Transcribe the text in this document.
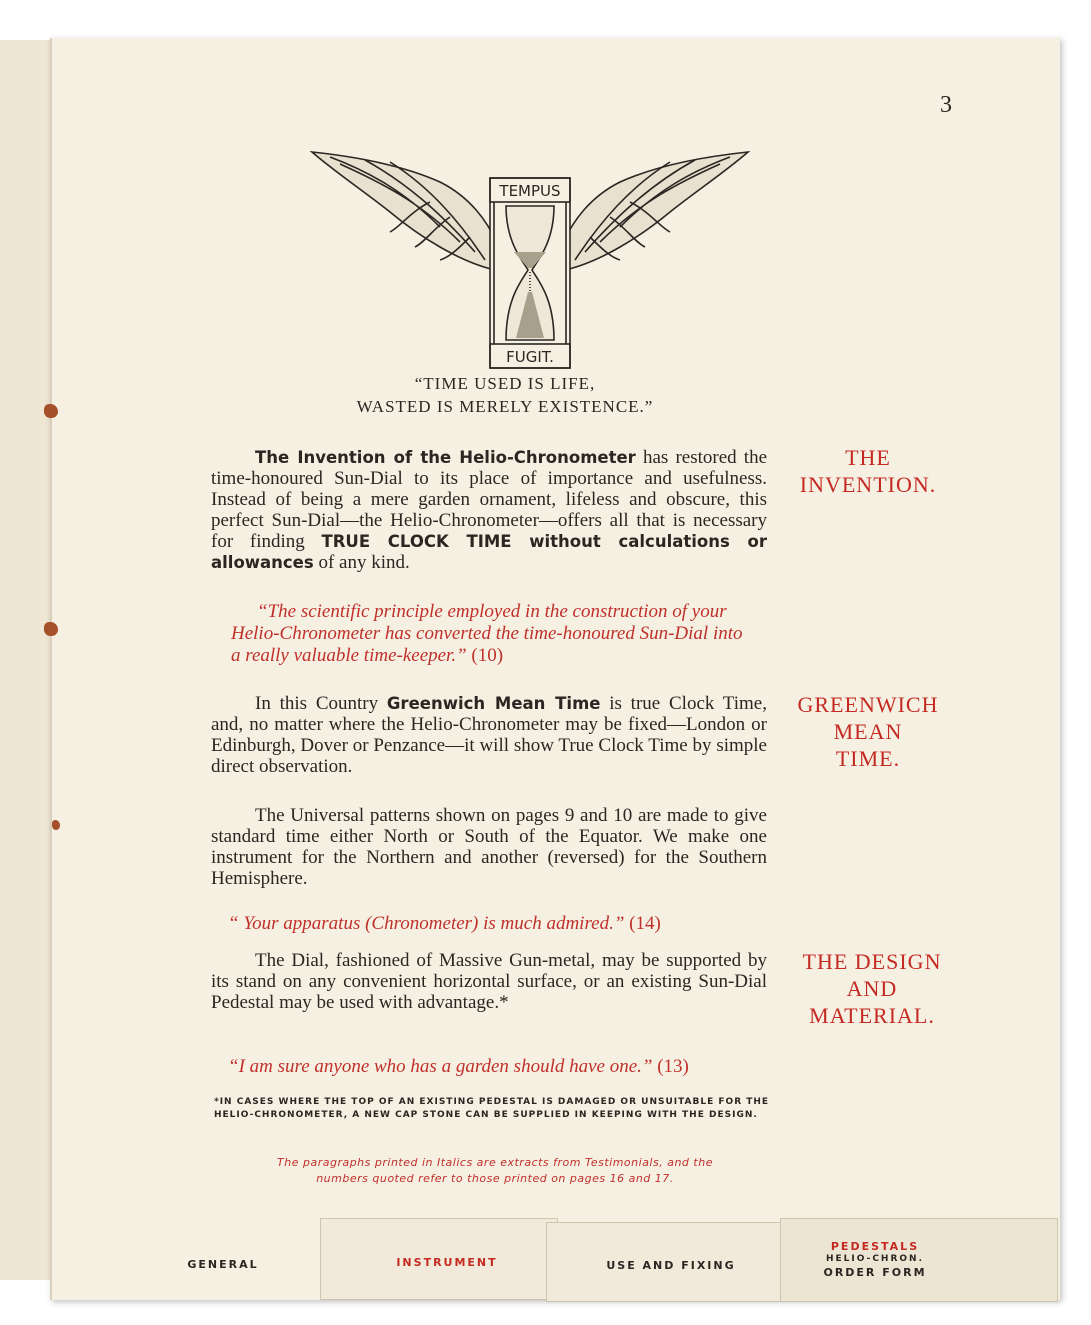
3
TEMPUS
FUGIT.
“TIME USED IS LIFE,
WASTED IS MERELY EXISTENCE.”
The Invention of the Helio-Chronometer has restored the time-honoured Sun-Dial to its place of importance and usefulness. Instead of being a mere garden ornament, lifeless and obscure, this perfect Sun-Dial—the Helio-Chronometer—offers all that is necessary for finding TRUE CLOCK TIME without calculations or allowances of any kind.
THE
INVENTION.
“The scientific principle employed in the construction of your Helio-Chronometer has converted the time-honoured Sun-Dial into a really valuable time-keeper.” (10)
In this Country Greenwich Mean Time is true Clock Time, and, no matter where the Helio-Chronometer may be fixed—London or Edinburgh, Dover or Penzance—it will show True Clock Time by simple direct observation.
GREENWICH
MEAN
TIME.
The Universal patterns shown on pages 9 and 10 are made to give standard time either North or South of the Equator. We make one instrument for the Northern and another (reversed) for the Southern Hemisphere.
“ Your apparatus (Chronometer) is much admired.” (14)
The Dial, fashioned of Massive Gun-metal, may be supported by its stand on any convenient horizontal surface, or an existing Sun-Dial Pedestal may be used with advantage.*
THE DESIGN
AND
MATERIAL.
“I am sure anyone who has a garden should have one.” (13)
*IN CASES WHERE THE TOP OF AN EXISTING PEDESTAL IS DAMAGED OR UNSUITABLE FOR THE HELIO-CHRONOMETER, A NEW CAP STONE CAN BE SUPPLIED IN KEEPING WITH THE DESIGN.
The paragraphs printed in Italics are extracts from Testimonials, and the numbers quoted refer to those printed on pages 16 and 17.
GENERAL	INSTRUMENT	USE AND FIXING
PEDESTALS
HELIO-CHRON.
ORDER FORM
